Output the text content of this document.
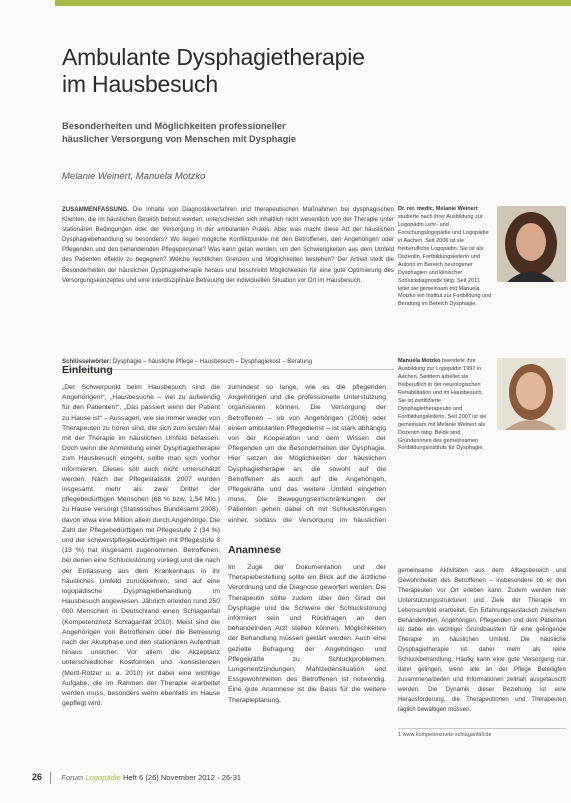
Ambulante Dysphagietherapie
im Hausbesuch
Besonderheiten und Möglichkeiten professioneller
häuslicher Versorgung von Menschen mit Dysphagie
Melanie Weinert, Manuela Motzko

ZUSAMMENFASSUNG. Die Inhalte von Diagnostikverfahren und therapeutischen Maßnahmen bei dysphagischen Klienten, die im häuslichen Bereich betreut werden, unterscheiden sich inhaltlich nicht wesentlich von der Therapie unter stationären Bedingungen oder der Versorgung in der ambulanten Praxis. Aber was macht diese Art der häuslichen Dysphagiebehandlung so besonders? Wo liegen mögliche Konfliktpunkte mit den Betroffenen, den Angehörigen oder Pflegenden und den behandelnden Pflegepersonal? Was kann getan werden, um den Schwierigkeiten aus dem Umfeld des Patienten effektiv zu begegnen? Welche rechtlichen Grenzen und Möglichkeiten bestehen? Der Artikel stellt die Besonderheiten der häuslichen Dysphagietherapie heraus und beschreibt Möglichkeiten für eine gute Optimierung des Versorgungskonzeptes und eine interdisziplinäre Betreuung der individuellen Situation vor Ort im Hausbesuch.

Schlüsselwörter: Dysphagie – häusliche Pflege – Hausbesuch – Dysphagiekost – Beratung
Dr. rer. medic. Melanie Weinert studierte nach ihrer Ausbildung zur Logopädin Lehr- und Forschungslogopädie und Logopädie in Aachen. Seit 2006 ist sie freiberufliche Logopädin. Sie ist als Dozentin, Fortbildungsleiterin und Autorin im Bereich neurogener Dysphagien und klinischer Schluckdiagnostik tätig. Seit 2011 leitet sie gemeinsam mit Manuela Motzko ein Institut zur Fortbildung und Beratung im Bereich Dysphagie.
Manuela Motzko beendete ihre Ausbildung zur Logopädin 1997 in Aachen. Seitdem arbeitet sie freiberuflich in der neurologischen Rehabilitation und im Hausbesuch. Sie ist zertifizierte Dysphagietherapeutin und Fortbildungsleiterin. Seit 2007 ist sie gemeinsam mit Melanie Weinert als Dozentin tätig. Beide sind Gründerinnen des gemeinsamen Fortbildungsinstituts für Dysphagie.
Einleitung

„Der Schwerpunkt beim Hausbesuch sind die Angehörigen!“, „Hausbesuche – viel zu aufwendig für den Patienten!“, „Das passiert wenn der Patient zu Hause ist“ – Aussagen, wie sie immer wieder von Therapeuten zu hören sind, die sich zum ersten Mal mit der Therapie im häuslichen Umfeld befassen. Doch wenn die Anmeldung einer Dysphagietherapie zum Hausbesuch eingeht, sollte man sich vorher informieren. Dieses soll auch nicht unterschätzt werden. Nach der Pflegestatistik 2007 wurden insgesamt mehr als zwei Drittel der pflegebedürftigen Menschen (68 % bzw. 1,54 Mio.) zu Hause versorgt (Statistisches Bundesamt 2008), davon etwa eine Million allein durch Angehörige. Die Zahl der Pflegebedürftigen mit Pflegestufe 2 (34 %) und der schwerstpflegebedürftigen mit Pflegestufe 3 (13 %) hat insgesamt zugenommen. Betroffenen, bei denen eine Schluckstörung vorliegt und die nach der Entlassung aus dem Krankenhaus in ihr häusliches Umfeld zurückkehren, sind auf eine logopädische Dysphagiebehandlung im Hausbesuch angewiesen. Jährlich erleiden rund 250 000 Menschen in Deutschland einen Schlaganfall (Kompetenznetz Schlaganfall 2010). Meist sind die Angehörigen von Betroffenen über die Betreuung nach der Akutphase und den stationären Aufenthalt hinaus unsicher. Vor allem die Akzeptanz unterschiedlicher Kostformen und -konsistenzen (Mertl-Rötzer u. a. 2010) ist dabei eine wichtige Aufgabe, die im Rahmen der Therapie erarbeitet werden muss, besonders wenn ebenfalls im Hause gepflegt wird.

zumindest so lange, wie es die pflegenden Angehörigen und die professionelle Unterstützung organisieren können. Die Versorgung der Betroffenen – ob von Angehörigen (2006) oder einem ambulanten Pflegedienst – ist stark abhängig von der Kooperation und dem Wissen der Pflegenden um die Besonderheiten der Dysphagie. Hier setzen die Möglichkeiten der häuslichen Dysphagietherapie an, die sowohl auf die Betroffenen als auch auf die Angehörigen, Pflegekräfte und das weitere Umfeld eingehen muss. Die Bewegungseinschränkungen der Patienten gehen dabei oft mit Schluckstörungen einher, sodass die Versorgung im häuslichen

Anamnese

Im Zuge der Dokumentation und der Therapiebestellung sollte ein Blick auf die ärztliche Verordnung und die Diagnose geworfen werden. Die Therapeutin sollte zudem über den Grad der Dysphagie und die Schwere der Schluckstörung informiert sein und Rückfragen an den behandelnden Arzt stellen können. Möglichkeiten der Behandlung müssen geklärt werden. Auch eine gezielte Befragung der Angehörigen und Pflegekräfte zu Schluckproblemen, Lungenentzündungen, Mahlzeitensituation und Essgewohnheiten des Betroffenen ist notwendig. Eine gute Anamnese ist die Basis für die weitere Therapieplanung.

gemeinsame Aktivitäten aus dem Alltagsbereich und Gewohnheiten des Betroffenen – insbesondere ob er den Therapeuten vor Ort erleben kann. Zudem werden hier Unterstützungsstrukturen und Ziele der Therapie im Lebensumfeld erarbeitet. Ein Erfahrungsaustausch zwischen Behandelnden, Angehörigen, Pflegenden und dem Patienten ist dabei ein wichtiger Grundbaustein für eine gelingende Therapie im häuslichen Umfeld. Die häusliche Dysphagietherapie ist daher mehr als reine Schluckbehandlung. Häufig kann eine gute Versorgung nur dann gelingen, wenn alle an der Pflege Beteiligten zusammenarbeiten und Informationen zeitnah ausgetauscht werden. Die Dynamik dieser Beziehung ist eine Herausforderung, die Therapeutinnen und Therapeuten täglich bewältigen müssen.
1 www.kompetenznetz-schlaganfall.de
26	Forum Logopädie Heft 6 (26) November 2012 · 26-31
